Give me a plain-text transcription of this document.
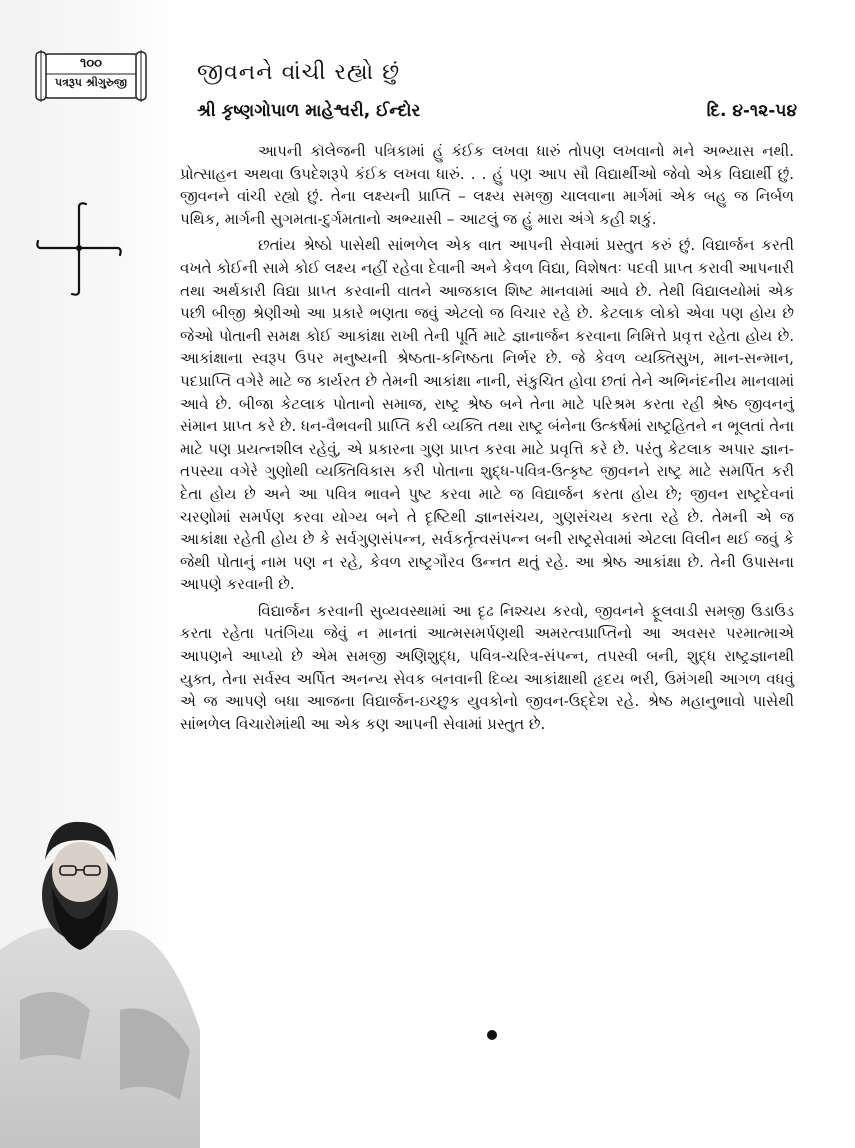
૧૦૦
પત્રરૂપ શ્રીગુરુજી	જીવનને વાંચી રહ્યો છું
શ્રી કૃષ્ણગોપાળ માહેશ્વરી, ઈન્દોર	દિ. ૪-૧૨-૫૪

આપની કૉલેજની પત્રિકામાં હું કંઈક લખવા ધારું તોપણ લખવાનો મને અભ્યાસ નથી. પ્રોત્સાહન અથવા ઉપદેશરૂપે કંઈક લખવા ધારું. . . હું પણ આપ સૌ વિદ્યાર્થીઓ જેવો એક વિદ્યાર્થી છું. જીવનને વાંચી રહ્યો છું. તેના લક્ષ્યની પ્રાપ્તિ – લક્ષ્ય સમજી ચાલવાના માર્ગમાં એક બહુ જ નિર્બળ પથિક, માર્ગની સુગમતા-દુર્ગમતાનો અભ્યાસી – આટલું જ હું મારા અંગે કહી શકું.

છતાંય શ્રેષ્ઠો પાસેથી સાંભળેલ એક વાત આપની સેવામાં પ્રસ્તુત કરું છું. વિદ્યાર્જન કરતી વખતે કોઈની સામે કોઈ લક્ષ્ય નહીં રહેવા દેવાની અને કેવળ વિદ્યા, વિશેષતઃ પદવી પ્રાપ્ત કરાવી આપનારી તથા અર્થકારી વિદ્યા પ્રાપ્ત કરવાની વાતને આજકાલ શિષ્ટ માનવામાં આવે છે. તેથી વિદ્યાલયોમાં એક પછી બીજી શ્રેણીઓ આ પ્રકારે ભણતા જવું એટલો જ વિચાર રહે છે. કેટલાક લોકો એવા પણ હોય છે જેઓ પોતાની સમક્ષ કોઈ આકાંક્ષા રાખી તેની પૂર્તિ માટે જ્ઞાનાર્જન કરવાના નિમિત્તે પ્રવૃત્ત રહેતા હોય છે. આકાંક્ષાના સ્વરૂપ ઉપર મનુષ્યની શ્રેષ્ઠતા-કનિષ્ઠતા નિર્ભર છે. જે કેવળ વ્યક્તિસુખ, માન-સન્માન, પદપ્રાપ્તિ વગેરે માટે જ કાર્યરત છે તેમની આકાંક્ષા નાની, સંકુચિત હોવા છતાં તેને અભિનંદનીય માનવામાં આવે છે. બીજા કેટલાક પોતાનો સમાજ, રાષ્ટ્ર શ્રેષ્ઠ બને તેના માટે પરિશ્રમ કરતા રહી શ્રેષ્ઠ જીવનનું સંમાન પ્રાપ્ત કરે છે. ધન-વૈભવની પ્રાપ્તિ કરી વ્યક્તિ તથા રાષ્ટ્ર બંનેના ઉત્કર્ષમાં રાષ્ટ્રહિતને ન ભૂલતાં તેના માટે પણ પ્રયત્નશીલ રહેવું, એ પ્રકારના ગુણ પ્રાપ્ત કરવા માટે પ્રવૃત્તિ કરે છે. પરંતુ કેટલાક અપાર જ્ઞાન-તપસ્યા વગેરે ગુણોથી વ્યક્તિવિકાસ કરી પોતાના શુદ્ધ-પવિત્ર-ઉત્કૃષ્ટ જીવનને રાષ્ટ્ર માટે સમર્પિત કરી દેતા હોય છે અને આ પવિત્ર ભાવને પુષ્ટ કરવા માટે જ વિદ્યાર્જન કરતા હોય છે; જીવન રાષ્ટ્રદેવનાં ચરણોમાં સમર્પણ કરવા યોગ્ય બને તે દૃષ્ટિથી જ્ઞાનસંચય, ગુણસંચય કરતા રહે છે. તેમની એ જ આકાંક્ષા રહેતી હોય છે કે સર્વગુણસંપન્ન, સર્વકર્તૃત્વસંપન્ન બની રાષ્ટ્રસેવામાં એટલા વિલીન થઈ જવું કે જેથી પોતાનું નામ પણ ન રહે, કેવળ રાષ્ટ્રગૌરવ ઉન્નત થતું રહે. આ શ્રેષ્ઠ આકાંક્ષા છે. તેની ઉપાસના આપણે કરવાની છે.

વિદ્યાર્જન કરવાની સુવ્યવસ્થામાં આ દૃઢ નિશ્ચય કરવો, જીવનને ફૂલવાડી સમજી ઉડાઉડ કરતા રહેતા પતંગિયા જેવું ન માનતાં આત્મસમર્પણથી અમરત્વપ્રાપ્તિનો આ અવસર પરમાત્માએ આપણને આપ્યો છે એમ સમજી અણિશુદ્ધ, પવિત્ર-ચરિત્ર-સંપન્ન, તપસ્વી બની, શુદ્ધ રાષ્ટ્રજ્ઞાનથી યુક્ત, તેના સર્વસ્વ અર્પિત અનન્ય સેવક બનવાની દિવ્ય આકાંક્ષાથી હૃદય ભરી, ઉમંગથી આગળ વધવું એ જ આપણે બધા આજના વિદ્યાર્જન-ઇચ્છુક યુવકોનો જીવન-ઉદ્દેશ રહે. શ્રેષ્ઠ મહાનુભાવો પાસેથી સાંભળેલ વિચારોમાંથી આ એક કણ આપની સેવામાં પ્રસ્તુત છે.
